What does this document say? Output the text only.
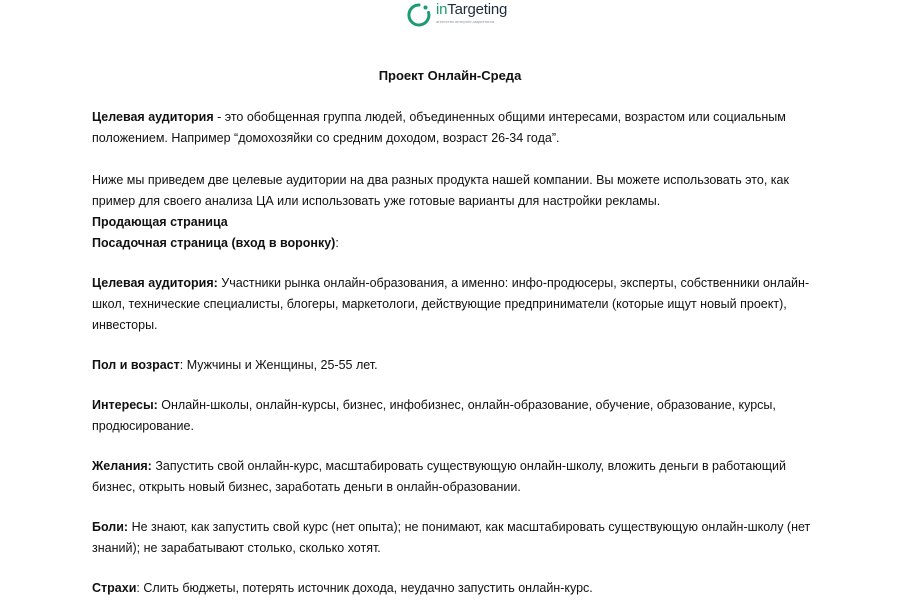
inTargeting
агентство интернет-маркетинга
Проект Онлайн-Среда

Целевая аудитория - это обобщенная группа людей, объединенных общими интересами, возрастом или социальным положением. Например “домохозяйки со средним доходом, возраст 26-34 года”.

Ниже мы приведем две целевые аудитории на два разных продукта нашей компании. Вы можете использовать это, как пример для своего анализа ЦА или использовать уже готовые варианты для настройки рекламы.

Продающая страница

Посадочная страница (вход в воронку):

Целевая аудитория: Участники рынка онлайн-образования, а именно: инфо-продюсеры, эксперты, собственники онлайн-школ, технические специалисты, блогеры, маркетологи, действующие предприниматели (которые ищут новый проект), инвесторы.

Пол и возраст: Мужчины и Женщины, 25-55 лет.

Интересы: Онлайн-школы, онлайн-курсы, бизнес, инфобизнес, онлайн-образование, обучение, образование, курсы, продюсирование.

Желания: Запустить свой онлайн-курс, масштабировать существующую онлайн-школу, вложить деньги в работающий бизнес, открыть новый бизнес, заработать деньги в онлайн-образовании.

Боли: Не знают, как запустить свой курс (нет опыта); не понимают, как масштабировать существующую онлайн-школу (нет знаний); не зарабатывают столько, сколько хотят.

Страхи: Слить бюджеты, потерять источник дохода, неудачно запустить онлайн-курс.
